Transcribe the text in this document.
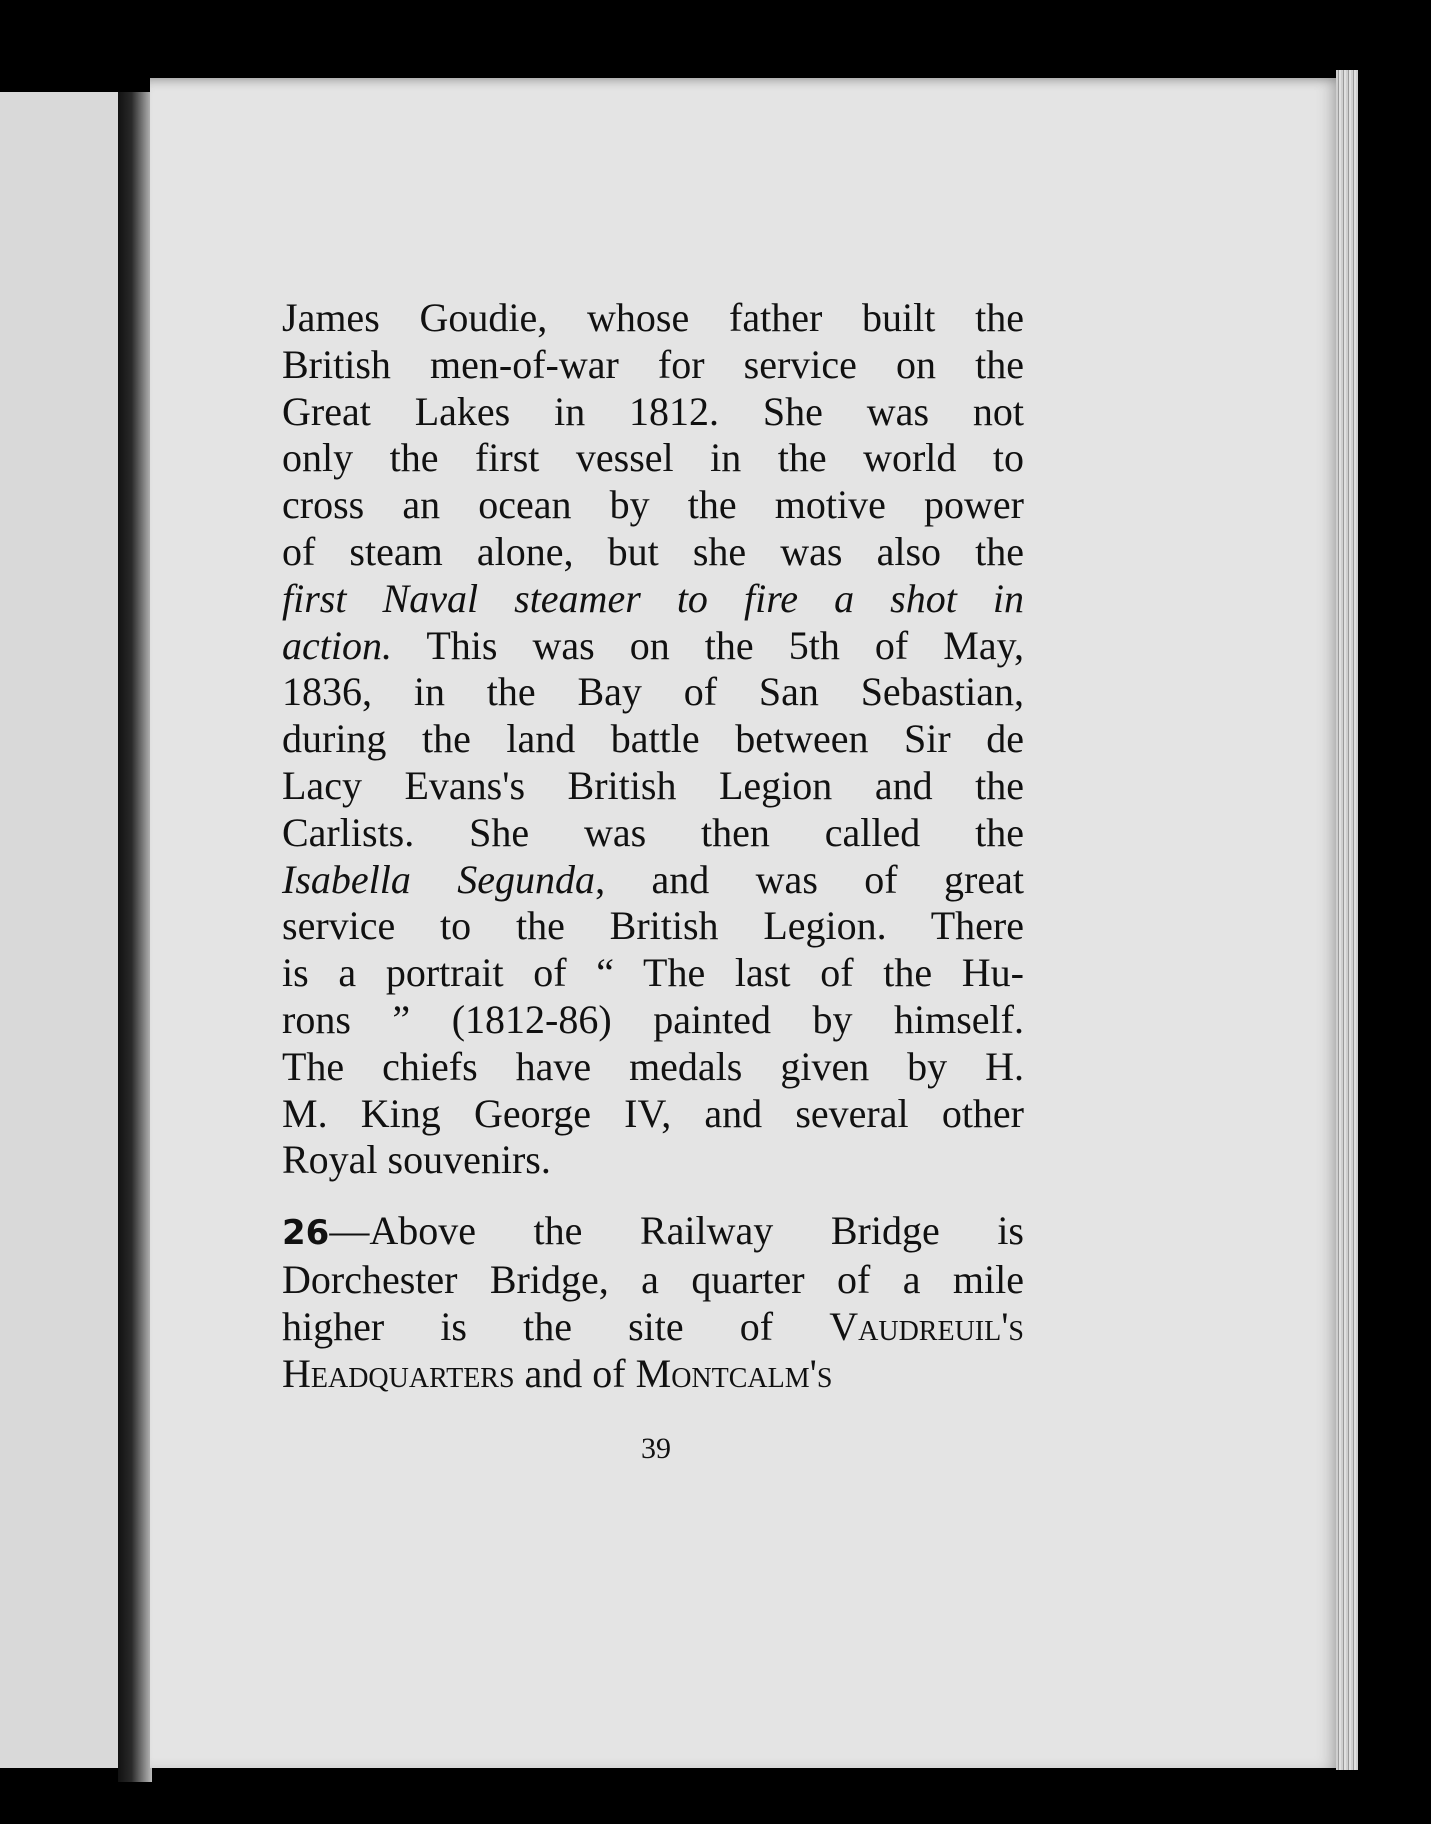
James Goudie, whose father built the
British men-of-war for service on the
Great Lakes in 1812. She was not
only the first vessel in the world to
cross an ocean by the motive power
of steam alone, but she was also the
first Naval steamer to fire a shot in
action. This was on the 5th of May,
1836, in the Bay of San Sebastian,
during the land battle between Sir de
Lacy Evans's British Legion and the
Carlists. She was then called the
Isabella Segunda, and was of great
service to the British Legion. There
is a portrait of “ The last of the Hu-
rons ” (1812-86) painted by himself.
The chiefs have medals given by H.
M. King George IV, and several other
Royal souvenirs.
26—Above the Railway Bridge is
Dorchester Bridge, a quarter of a mile
higher is the site of Vaudreuil's
Headquarters and of Montcalm's
39
